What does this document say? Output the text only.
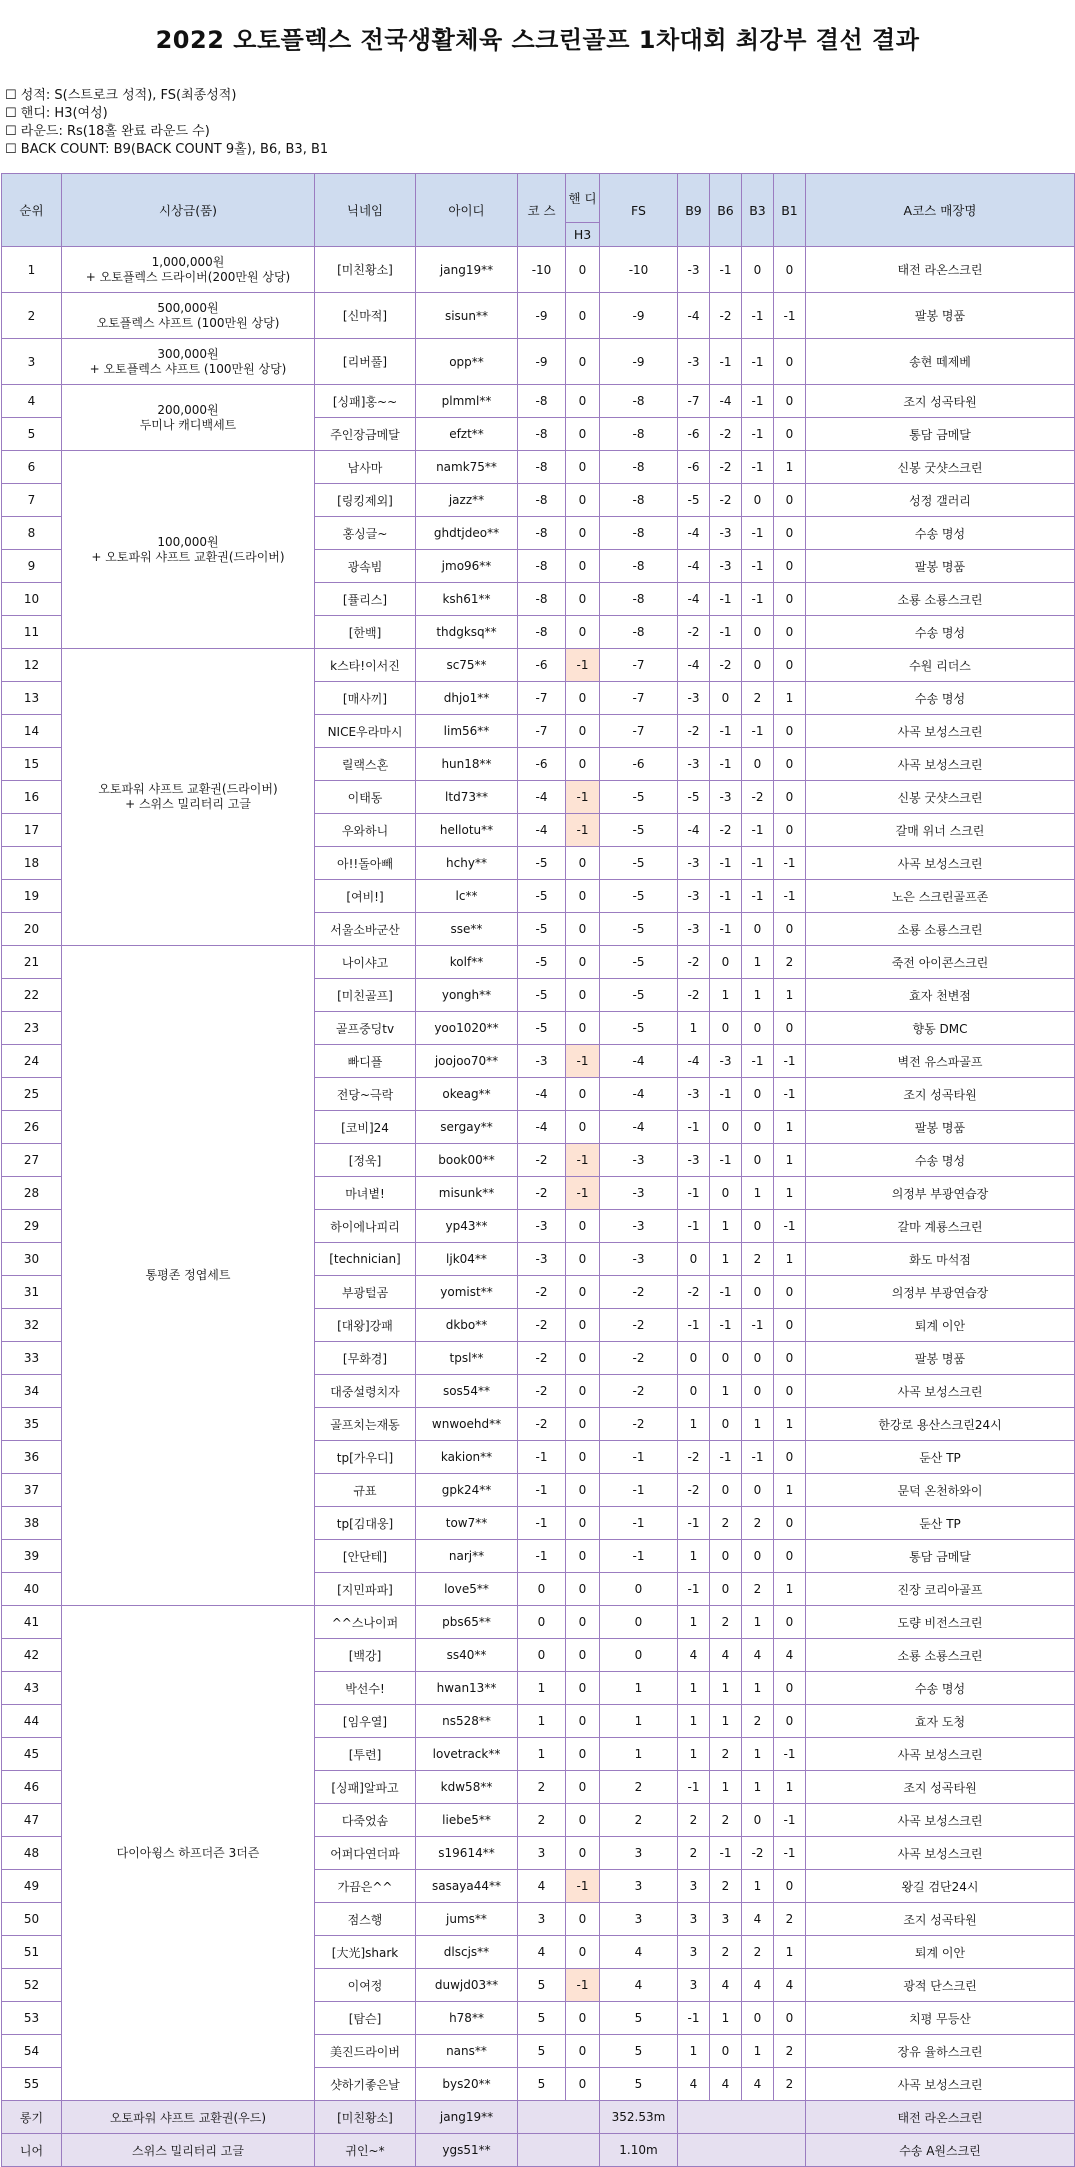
2022 오토플렉스 전국생활체육 스크린골프 1차대회 최강부 결선 결과
☐ 성적: S(스트로크 성적), FS(최종성적)
☐ 핸디: H3(여성)
☐ 라운드: Rs(18홀 완료 라운드 수)
☐ BACK COUNT: B9(BACK COUNT 9홀), B6, B3, B1
순위	시상금(품)	닉네임	아이디	코 스	핸 디	FS	B9	B6	B3	B1	A코스 매장명
					H3						
1	1,000,000원
+ 오토플렉스 드라이버(200만원 상당)	[미친황소]	jang19**	-10	0	-10	-3	-1	0	0	태전 라온스크린
2	500,000원
오토플렉스 샤프트 (100만원 상당)	[신마적]	sisun**	-9	0	-9	-4	-2	-1	-1	팔봉 명품
3	300,000원
+ 오토플렉스 샤프트 (100만원 상당)	[리버풀]	opp**	-9	0	-9	-3	-1	-1	0	송현 떼제베
4	200,000원
두미나 캐디백세트	[싱패]홍~~	plmml**	-8	0	-8	-7	-4	-1	0	조지 성곡타원
5		주인장금메달	efzt**	-8	0	-8	-6	-2	-1	0	통담 금메달
6	100,000원
+ 오토파워 샤프트 교환권(드라이버)	남사마	namk75**	-8	0	-8	-6	-2	-1	1	신봉 굿샷스크린
7		[링킹제외]	jazz**	-8	0	-8	-5	-2	0	0	성정 갤러리
8		홍싱글~	ghdtjdeo**	-8	0	-8	-4	-3	-1	0	수송 명성
9		광속빔	jmo96**	-8	0	-8	-4	-3	-1	0	팔봉 명품
10		[퓰리스]	ksh61**	-8	0	-8	-4	-1	-1	0	소룡 소룡스크린
11		[한백]	thdgksq**	-8	0	-8	-2	-1	0	0	수송 명성
12	오토파워 샤프트 교환권(드라이버)
+ 스위스 밀리터리 고글	k스타!이서진	sc75**	-6	-1	-7	-4	-2	0	0	수원 리더스
13		[매사끼]	dhjo1**	-7	0	-7	-3	0	2	1	수송 명성
14		NICE우라마시	lim56**	-7	0	-7	-2	-1	-1	0	사곡 보성스크린
15		릴랙스혼	hun18**	-6	0	-6	-3	-1	0	0	사곡 보성스크린
16		이태동	ltd73**	-4	-1	-5	-5	-3	-2	0	신봉 굿샷스크린
17		우와하니	hellotu**	-4	-1	-5	-4	-2	-1	0	갈매 위너 스크린
18		아!!돌아빼	hchy**	-5	0	-5	-3	-1	-1	-1	사곡 보성스크린
19		[여비!]	lc**	-5	0	-5	-3	-1	-1	-1	노은 스크린골프존
20		서울소바군산	sse**	-5	0	-5	-3	-1	0	0	소룡 소룡스크린
21	통평존 정엽세트	나이샤고	kolf**	-5	0	-5	-2	0	1	2	죽전 아이콘스크린
22		[미친골프]	yongh**	-5	0	-5	-2	1	1	1	효자 천변점
23		골프중딩tv	yoo1020**	-5	0	-5	1	0	0	0	향동 DMC
24		빠디플	joojoo70**	-3	-1	-4	-4	-3	-1	-1	벽전 유스파골프
25		전당~극락	okeag**	-4	0	-4	-3	-1	0	-1	조지 성곡타원
26		[코비]24	sergay**	-4	0	-4	-1	0	0	1	팔봉 명품
27		[정욱]	book00**	-2	-1	-3	-3	-1	0	1	수송 명성
28		마녀볕!	misunk**	-2	-1	-3	-1	0	1	1	의정부 부광연습장
29		하이에나피리	yp43**	-3	0	-3	-1	1	0	-1	갈마 계룡스크린
30		[technician]	ljk04**	-3	0	-3	0	1	2	1	화도 마석점
31		부광털곰	yomist**	-2	0	-2	-2	-1	0	0	의정부 부광연습장
32		[대왕]강패	dkbo**	-2	0	-2	-1	-1	-1	0	퇴계 이안
33		[무화경]	tpsl**	-2	0	-2	0	0	0	0	팔봉 명품
34		대중설령치자	sos54**	-2	0	-2	0	1	0	0	사곡 보성스크린
35		골프치는재동	wnwoehd**	-2	0	-2	1	0	1	1	한강로 용산스크린24시
36		tp[가우디]	kakion**	-1	0	-1	-2	-1	-1	0	둔산 TP
37		규표	gpk24**	-1	0	-1	-2	0	0	1	문덕 온천하와이
38		tp[김대웅]	tow7**	-1	0	-1	-1	2	2	0	둔산 TP
39		[안단테]	narj**	-1	0	-1	1	0	0	0	통담 금메달
40		[지민파파]	love5**	0	0	0	-1	0	2	1	진장 코리아골프
41	다이아윙스 하프더즌 3더즌	^^스나이퍼	pbs65**	0	0	0	1	2	1	0	도량 비전스크린
42		[백강]	ss40**	0	0	0	4	4	4	4	소룡 소룡스크린
43		박선수!	hwan13**	1	0	1	1	1	1	0	수송 명성
44		[임우열]	ns528**	1	0	1	1	1	2	0	효자 도청
45		[투련]	lovetrack**	1	0	1	1	2	1	-1	사곡 보성스크린
46		[싱패]알파고	kdw58**	2	0	2	-1	1	1	1	조지 성곡타원
47		다죽었솜	liebe5**	2	0	2	2	2	0	-1	사곡 보성스크린
48		어퍼다연더파	s19614**	3	0	3	2	-1	-2	-1	사곡 보성스크린
49		가끔은^^	sasaya44**	4	-1	3	3	2	1	0	왕길 검단24시
50		점스행	jums**	3	0	3	3	3	4	2	조지 성곡타원
51		[大光]shark	dlscjs**	4	0	4	3	2	2	1	퇴계 이안
52		이여정	duwjd03**	5	-1	4	3	4	4	4	광적 단스크린
53		[탐슨]	h78**	5	0	5	-1	1	0	0	치평 무등산
54		美진드라이버	nans**	5	0	5	1	0	1	2	장유 율하스크린
55		샷하기좋은날	bys20**	5	0	5	4	4	4	2	사곡 보성스크린
롱기	오토파워 샤프트 교환권(우드)	[미친황소]	jang19**			352.53m					태전 라온스크린
니어	스위스 밀리터리 고글	귀인~*	ygs51**			1.10m					수송 A원스크린
